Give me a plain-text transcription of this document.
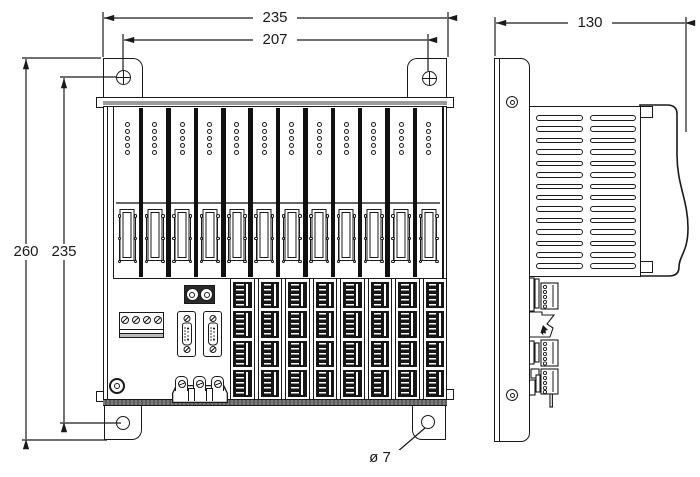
235
207
260 235
130
ø 7
